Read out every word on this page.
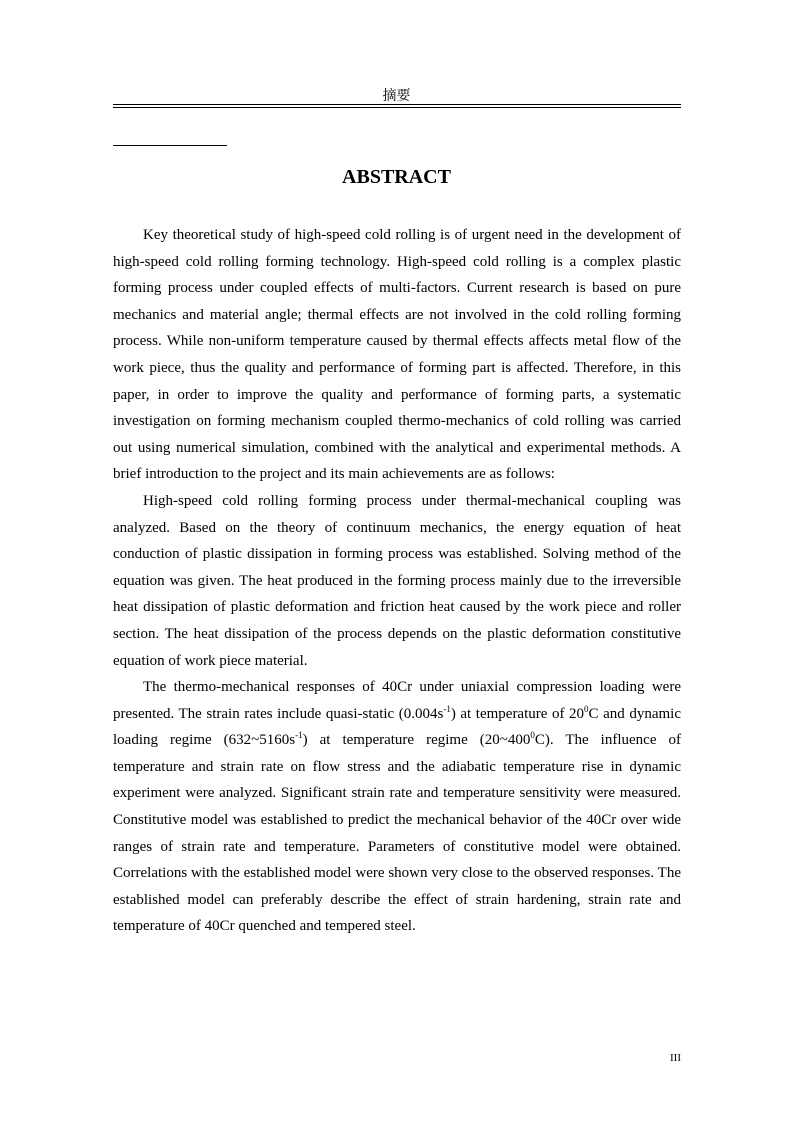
摘要
ABSTRACT

Key theoretical study of high-speed cold rolling is of urgent need in the development of high-speed cold rolling forming technology. High-speed cold rolling is a complex plastic forming process under coupled effects of multi-factors. Current research is based on pure mechanics and material angle; thermal effects are not involved in the cold rolling forming process. While non-uniform temperature caused by thermal effects affects metal flow of the work piece, thus the quality and performance of forming part is affected. Therefore, in this paper, in order to improve the quality and performance of forming parts, a systematic investigation on forming mechanism coupled thermo-mechanics of cold rolling was carried out using numerical simulation, combined with the analytical and experimental methods. A brief introduction to the project and its main achievements are as follows:

High-speed cold rolling forming process under thermal-mechanical coupling was analyzed. Based on the theory of continuum mechanics, the energy equation of heat conduction of plastic dissipation in forming process was established. Solving method of the equation was given. The heat produced in the forming process mainly due to the irreversible heat dissipation of plastic deformation and friction heat caused by the work piece and roller section. The heat dissipation of the process depends on the plastic deformation constitutive equation of work piece material.

The thermo-mechanical responses of 40Cr under uniaxial compression loading were presented. The strain rates include quasi-static $(0.004s^{-1})$ at temperature of $20^0C$ and dynamic loading regime $(632\sim 5160s^{-1})$ at temperature regime $(20\sim 400^0C)$. The influence of temperature and strain rate on flow stress and the adiabatic temperature rise in dynamic experiment were analyzed. Significant strain rate and temperature sensitivity were measured. Constitutive model was established to predict the mechanical behavior of the 40Cr over wide ranges of strain rate and temperature. Parameters of constitutive model were obtained. Correlations with the established model were shown very close to the observed responses. The established model can preferably describe the effect of strain hardening, strain rate and temperature of 40Cr quenched and tempered steel.

III
